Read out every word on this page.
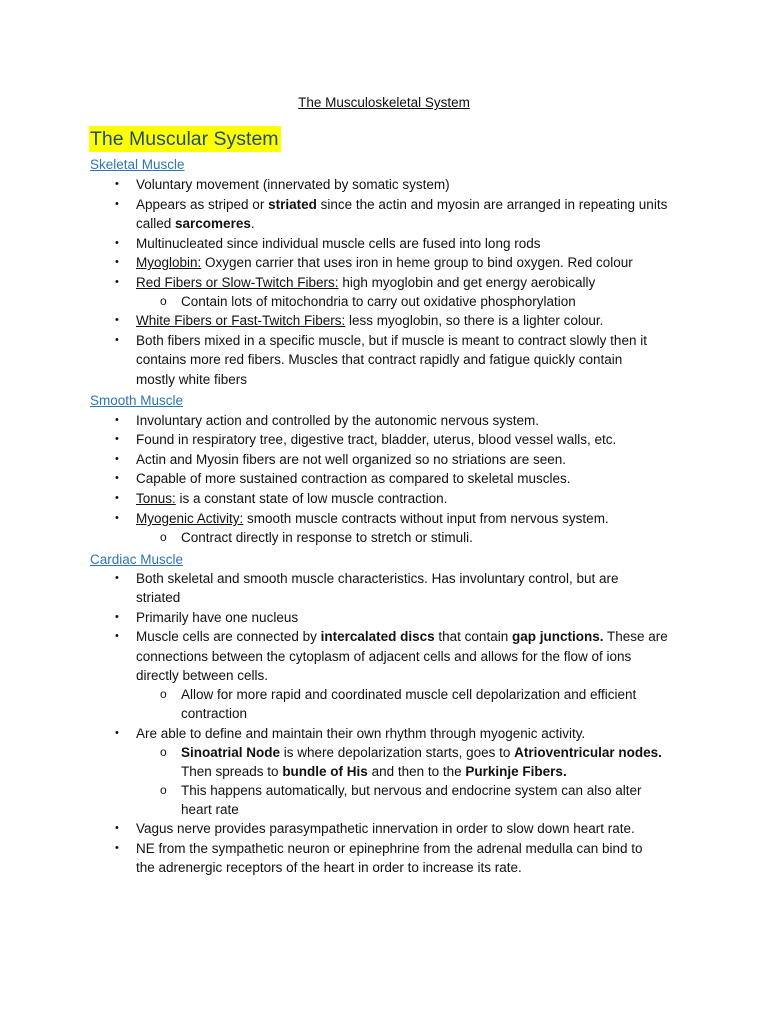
The Musculoskeletal System
The Muscular System
Skeletal Muscle
• Voluntary movement (innervated by somatic system)
• Appears as striped or striated since the actin and myosin are arranged in repeating units
called sarcomeres.
• Multinucleated since individual muscle cells are fused into long rods
• Myoglobin: Oxygen carrier that uses iron in heme group to bind oxygen. Red colour
• Red Fibers or Slow-Twitch Fibers: high myoglobin and get energy aerobically
o Contain lots of mitochondria to carry out oxidative phosphorylation
• White Fibers or Fast-Twitch Fibers: less myoglobin, so there is a lighter colour.
• Both fibers mixed in a specific muscle, but if muscle is meant to contract slowly then it
contains more red fibers. Muscles that contract rapidly and fatigue quickly contain
mostly white fibers
Smooth Muscle
• Involuntary action and controlled by the autonomic nervous system.
• Found in respiratory tree, digestive tract, bladder, uterus, blood vessel walls, etc.
• Actin and Myosin fibers are not well organized so no striations are seen.
• Capable of more sustained contraction as compared to skeletal muscles.
• Tonus: is a constant state of low muscle contraction.
• Myogenic Activity: smooth muscle contracts without input from nervous system.
o Contract directly in response to stretch or stimuli.
Cardiac Muscle
• Both skeletal and smooth muscle characteristics. Has involuntary control, but are
striated
• Primarily have one nucleus
• Muscle cells are connected by intercalated discs that contain gap junctions. These are
connections between the cytoplasm of adjacent cells and allows for the flow of ions
directly between cells.
o Allow for more rapid and coordinated muscle cell depolarization and efficient
contraction
• Are able to define and maintain their own rhythm through myogenic activity.
o Sinoatrial Node is where depolarization starts, goes to Atrioventricular nodes.
Then spreads to bundle of His and then to the Purkinje Fibers.
o This happens automatically, but nervous and endocrine system can also alter
heart rate
• Vagus nerve provides parasympathetic innervation in order to slow down heart rate.
• NE from the sympathetic neuron or epinephrine from the adrenal medulla can bind to
the adrenergic receptors of the heart in order to increase its rate.
